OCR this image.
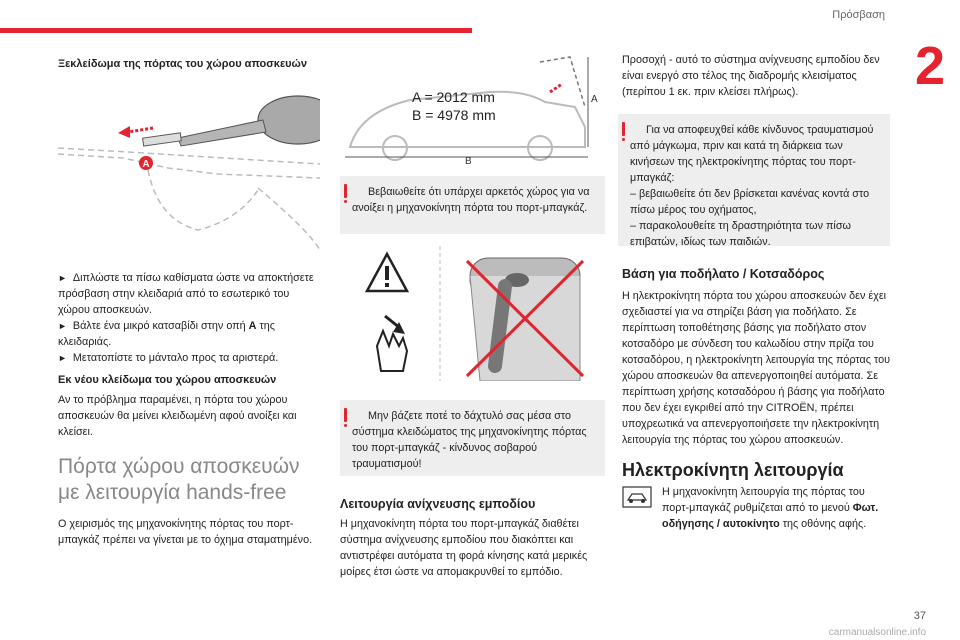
Πρόσβαση
2
Ξεκλείδωμα της πόρτας του χώρου αποσκευών
A
► Διπλώστε τα πίσω καθίσματα ώστε να αποκτήσετε πρόσβαση στην κλειδαριά από το εσωτερικό του χώρου αποσκευών.
► Βάλτε ένα μικρό κατσαβίδι στην οπή A της κλειδαριάς.
► Μετατοπίστε το μάνταλο προς τα αριστερά.
Εκ νέου κλείδωμα του χώρου αποσκευών

Αν το πρόβλημα παραμένει, η πόρτα του χώρου αποσκευών θα μείνει κλειδωμένη αφού ανοίξει και κλείσει.

Πόρτα χώρου αποσκευών με λειτουργία hands-free

Ο χειρισμός της μηχανοκίνητης πόρτας του πορτ-μπαγκάζ πρέπει να γίνεται με το όχημα σταματημένο.

A
B
A = 2012 mm
B = 4978 mm

Βεβαιωθείτε ότι υπάρχει αρκετός χώρος για να ανοίξει η μηχανοκίνητη πόρτα του πορτ-μπαγκάζ.

Μην βάζετε ποτέ το δάχτυλό σας μέσα στο σύστημα κλειδώματος της μηχανοκίνητης πόρτας του πορτ-μπαγκάζ - κίνδυνος σοβαρού τραυματισμού!

Λειτουργία ανίχνευσης εμποδίου

Η μηχανοκίνητη πόρτα του πορτ-μπαγκάζ διαθέτει σύστημα ανίχνευσης εμποδίου που διακόπτει και αντιστρέφει αυτόματα τη φορά κίνησης κατά μερικές μοίρες έτσι ώστε να απομακρυνθεί το εμπόδιο.

Προσοχή - αυτό το σύστημα ανίχνευσης εμποδίου δεν είναι ενεργό στο τέλος της διαδρομής κλεισίματος (περίπου 1 εκ. πριν κλείσει πλήρως).

Για να αποφευχθεί κάθε κίνδυνος τραυματισμού από μάγκωμα, πριν και κατά τη διάρκεια των κινήσεων της ηλεκτροκίνητης πόρτας του πορτ-μπαγκάζ:

– βεβαιωθείτε ότι δεν βρίσκεται κανένας κοντά στο πίσω μέρος του οχήματος,

– παρακολουθείτε τη δραστηριότητα των πίσω επιβατών, ιδίως των παιδιών.

Βάση για ποδήλατο / Κοτσαδόρος

Η ηλεκτροκίνητη πόρτα του χώρου αποσκευών δεν έχει σχεδιαστεί για να στηρίζει βάση για ποδήλατο. Σε περίπτωση τοποθέτησης βάσης για ποδήλατο στον κοτσαδόρο με σύνδεση του καλωδίου στην πρίζα του κοτσαδόρου, η ηλεκτροκίνητη λειτουργία της πόρτας του χώρου αποσκευών θα απενεργοποιηθεί αυτόματα. Σε περίπτωση χρήσης κοτσαδόρου ή βάσης για ποδήλατο που δεν έχει εγκριθεί από την CITROËN, πρέπει υποχρεωτικά να απενεργοποιήσετε την ηλεκτροκίνητη λειτουργία της πόρτας του χώρου αποσκευών.

Ηλεκτροκίνητη λειτουργία
Η μηχανοκίνητη λειτουργία της πόρτας του πορτ-μπαγκάζ ρυθμίζεται από το μενού Φωτ. οδήγησης / αυτοκίνητο της οθόνης αφής.
37
carmanualsonline.info
